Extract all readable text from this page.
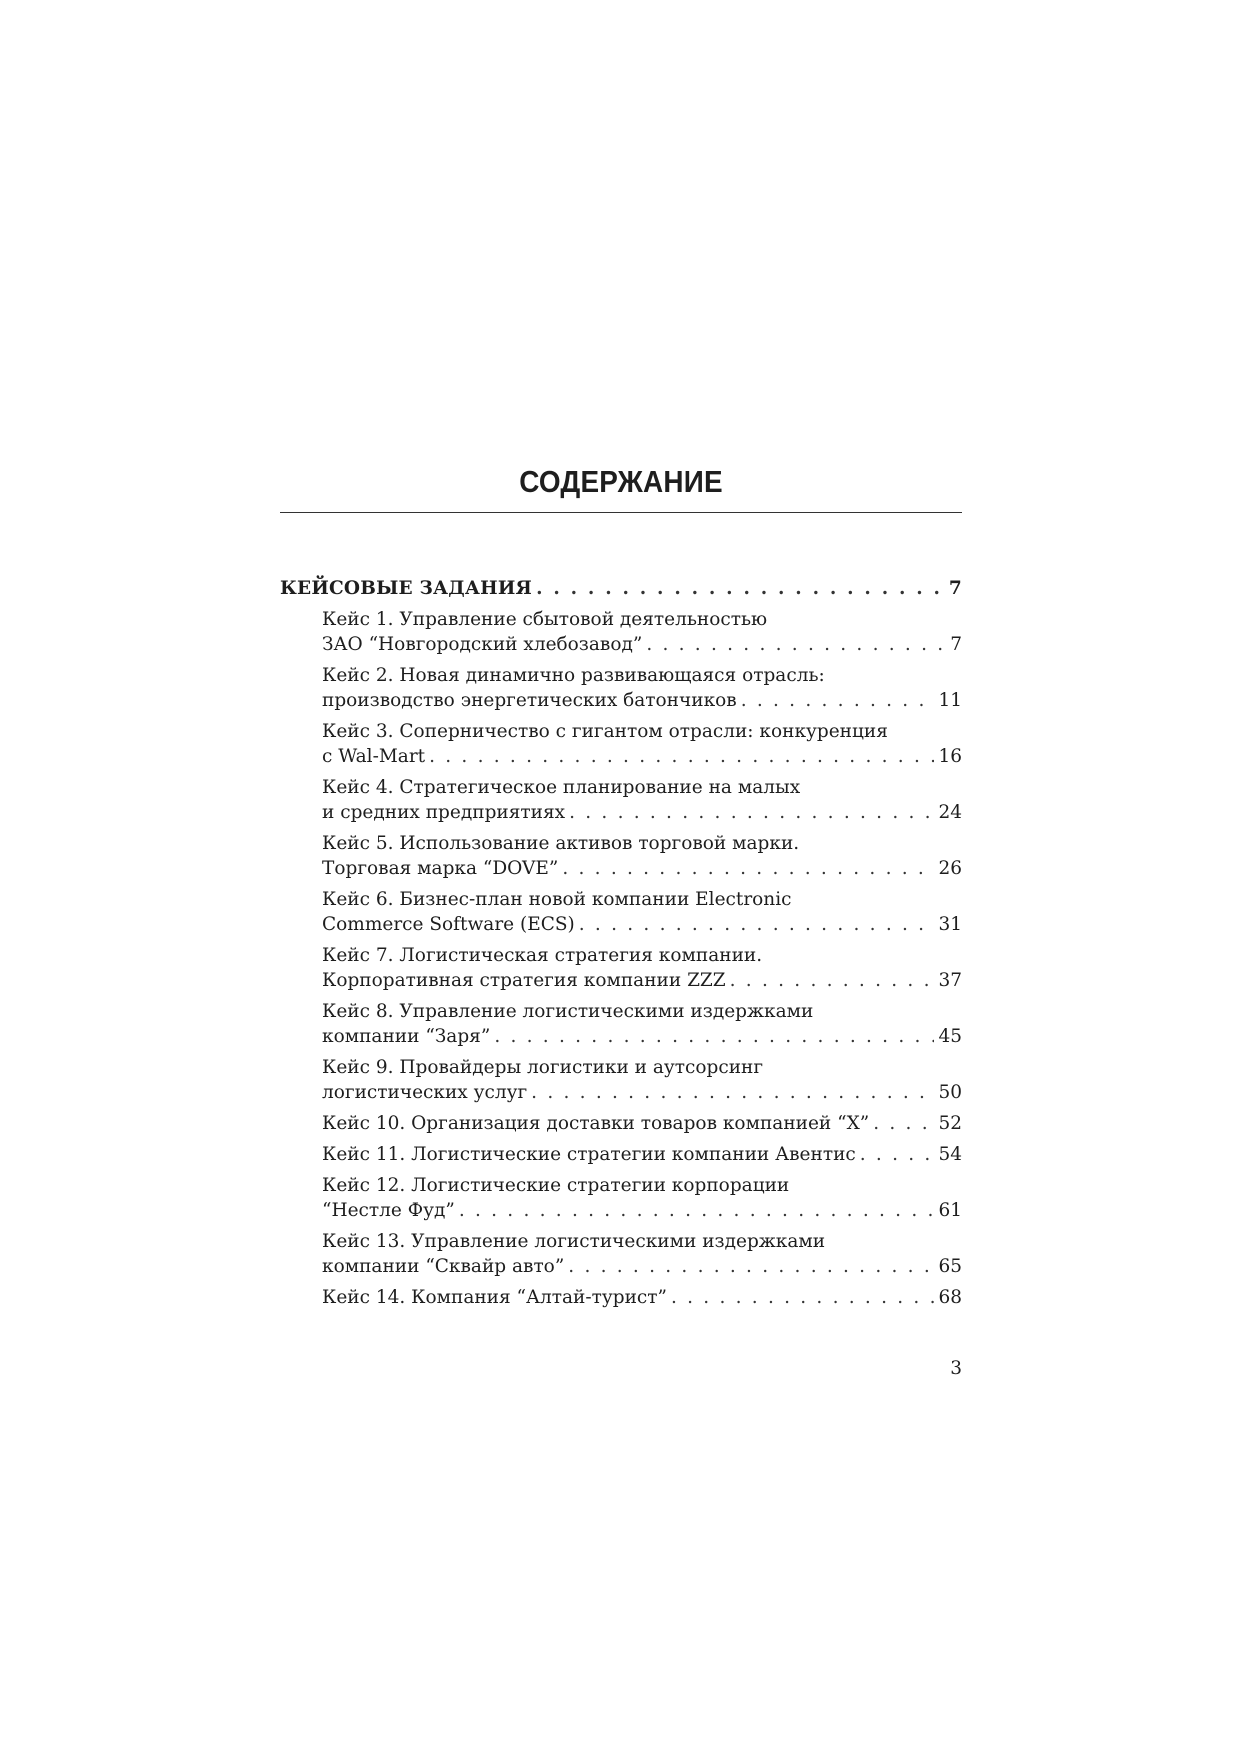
СОДЕРЖАНИЕ
КЕЙСОВЫЕ ЗАДАНИЯ . . .	7
Кейс 1. Управление сбытовой деятельностью
ЗАО “Новгородский хлебозавод” . . .	7
Кейс 2. Новая динамично развивающаяся отрасль:
производство энергетических батончиков . . .	11
Кейс 3. Соперничество с гигантом отрасли: конкуренция
с Wal-Mart . . .	16
Кейс 4. Стратегическое планирование на малых
и средних предприятиях . . .	24
Кейс 5. Использование активов торговой марки.
Торговая марка “DOVE” . . .	26
Кейс 6. Бизнес-план новой компании Electronic
Commerce Software (ECS) . . .	31
Кейс 7. Логистическая стратегия компании.
Корпоративная стратегия компании ZZZ . . .	37
Кейс 8. Управление логистическими издержками
компании “Заря” . . .	45
Кейс 9. Провайдеры логистики и аутсорсинг
логистических услуг . . .	50
Кейс 10. Организация доставки товаров компанией “X” . . .	52
Кейс 11. Логистические стратегии компании Авентис . . .	54
Кейс 12. Логистические стратегии корпорации
“Нестле Фуд” . . .	61
Кейс 13. Управление логистическими издержками
компании “Сквайр авто” . . .	65
Кейс 14. Компания “Алтай-турист” . . .	68
3
